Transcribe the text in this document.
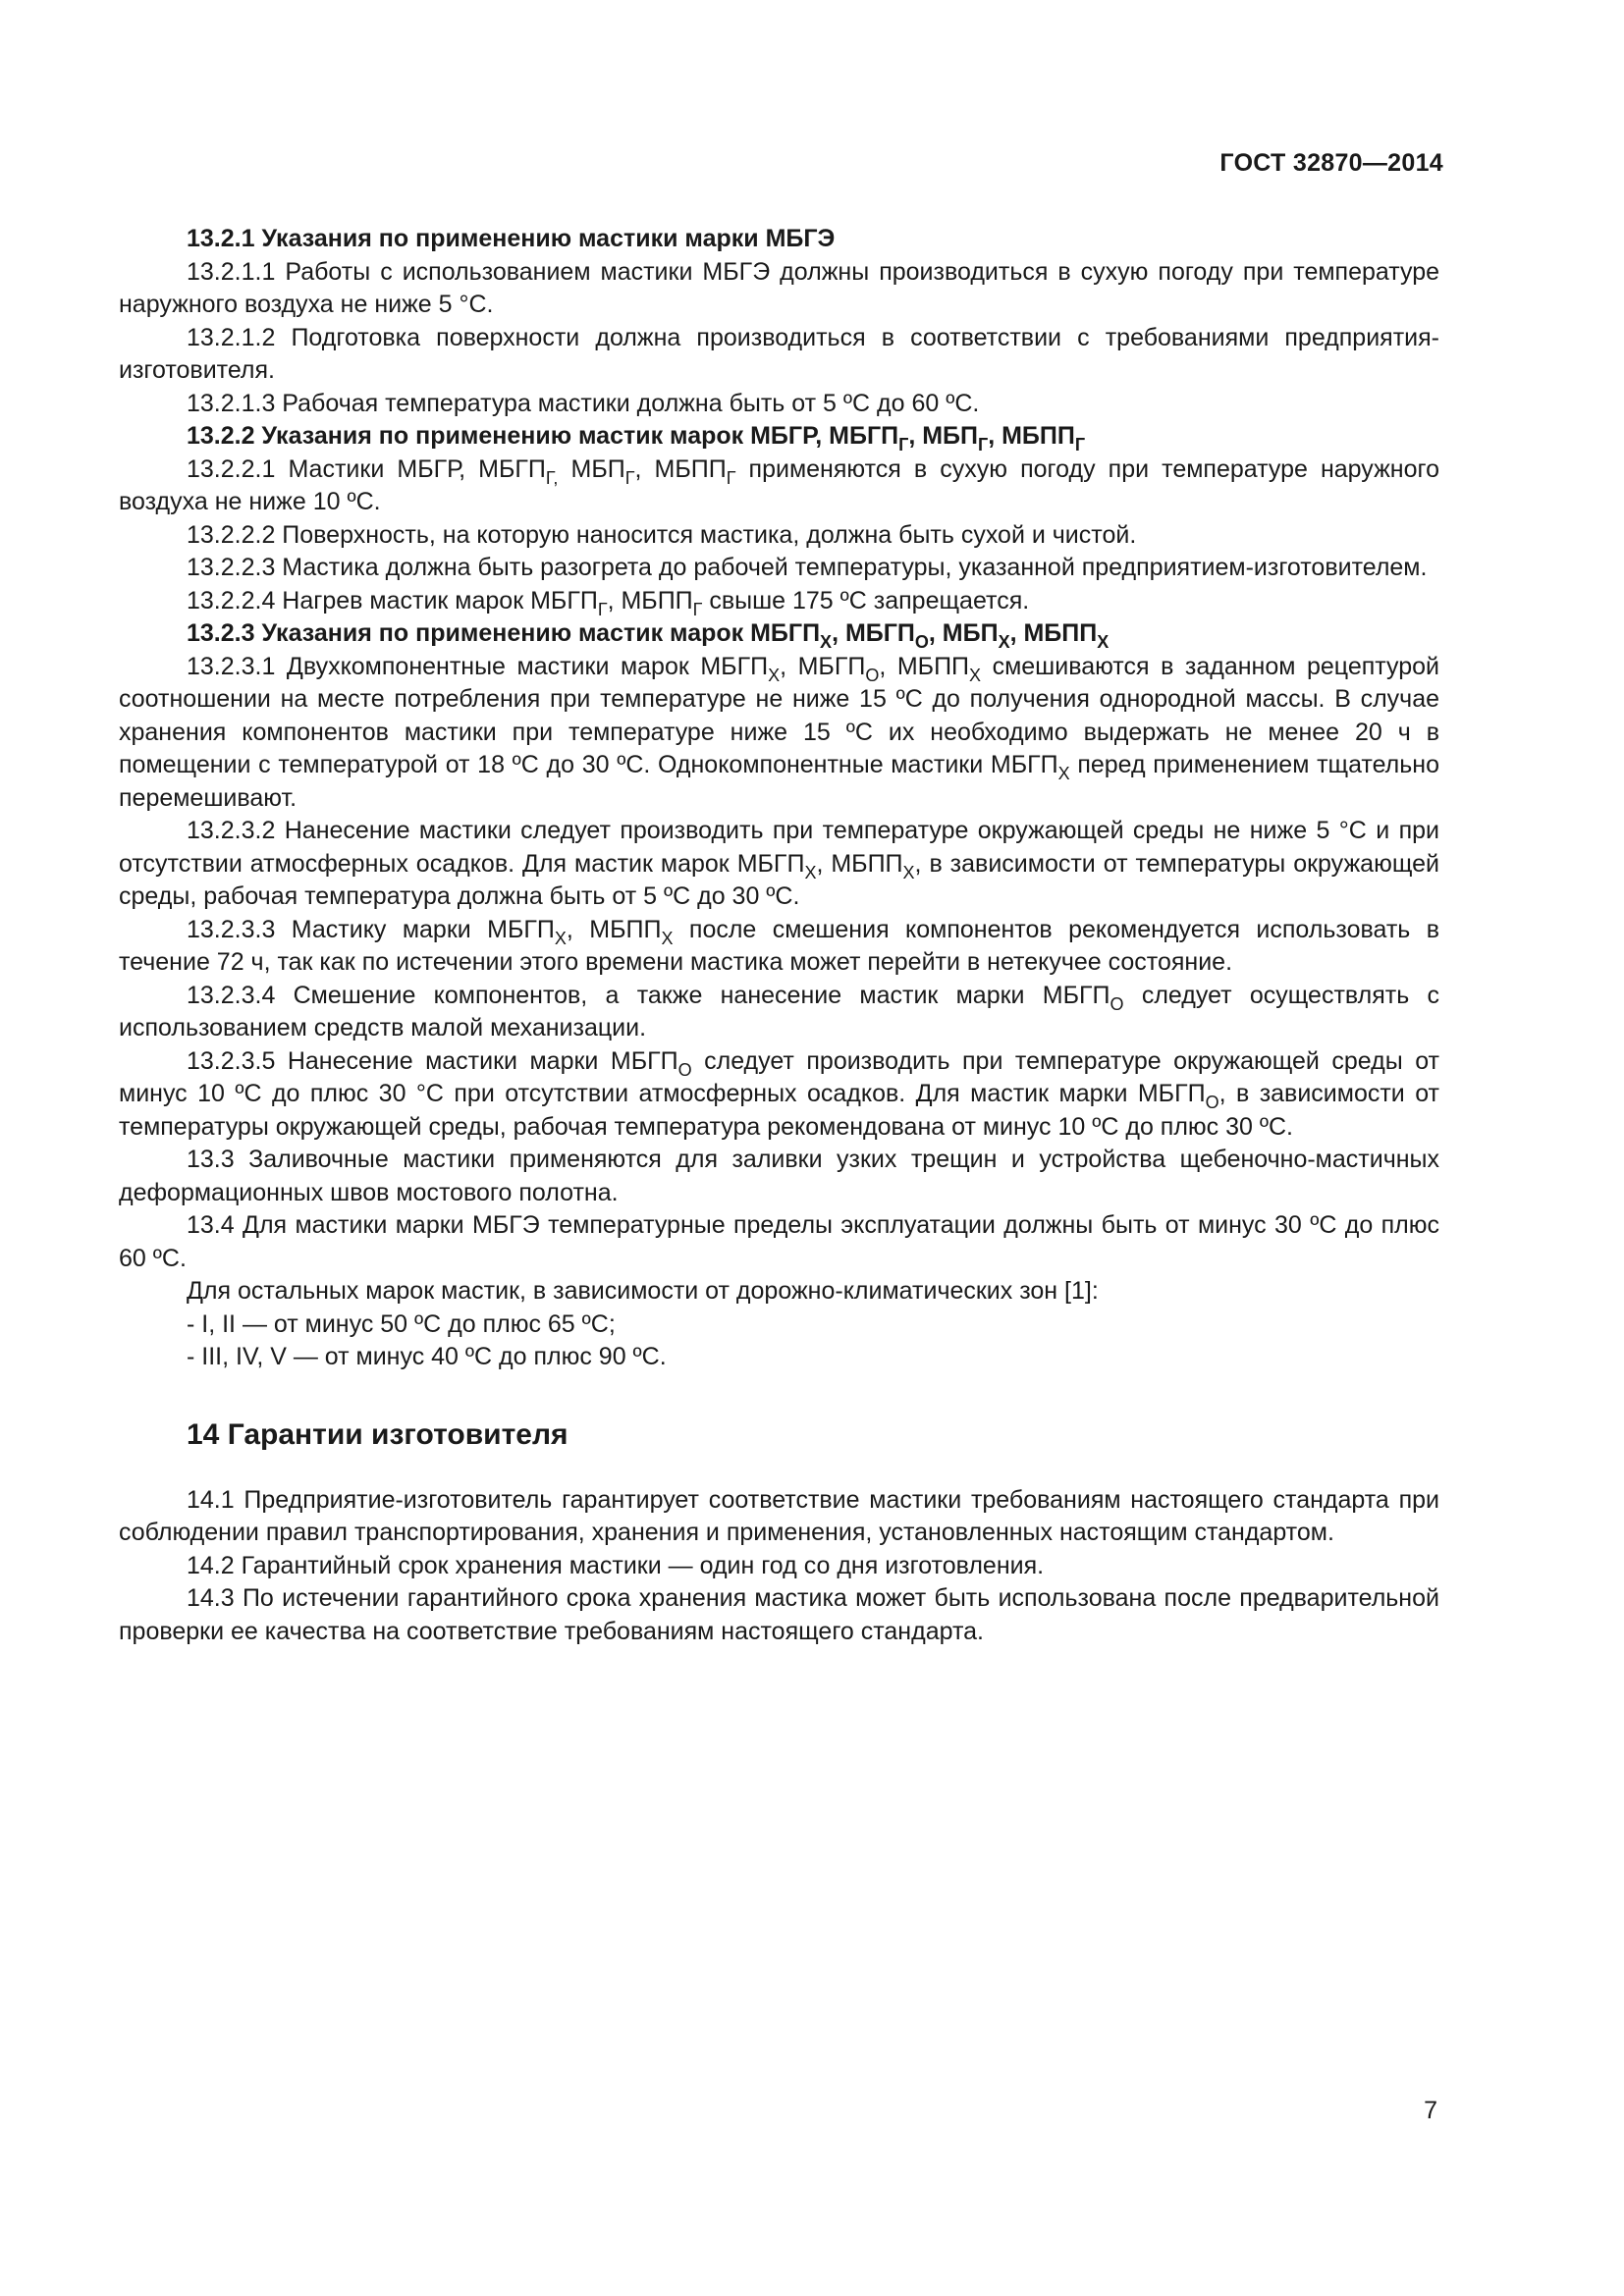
ГОСТ 32870—2014

13.2.1 Указания по применению мастики марки МБГЭ

13.2.1.1 Работы с использованием мастики МБГЭ должны производиться в сухую погоду при температуре наружного воздуха не ниже 5 °С.

13.2.1.2 Подготовка поверхности должна производиться в соответствии с требованиями предприятия-изготовителя.

13.2.1.3 Рабочая температура мастики должна быть от 5 ºС до 60 ºС.

13.2.2 Указания по применению мастик марок МБГР, $МБГП_Г$, $МБП_Г$, $МБПП_Г$

13.2.2.1 Мастики МБГР, $МБГП_{Г,}$ $МБП_Г$, $МБПП_Г$ применяются в сухую погоду при температуре наружного воздуха не ниже 10 ºС.

13.2.2.2 Поверхность, на которую наносится мастика, должна быть сухой и чистой.

13.2.2.3 Мастика должна быть разогрета до рабочей температуры, указанной предприятием-изготовителем.

13.2.2.4 Нагрев мастик марок $МБГП_Г$, $МБПП_Г$ свыше 175 ºС запрещается.

13.2.3 Указания по применению мастик марок $МБГП_Х$, $МБГП_О$, $МБП_Х$, $МБПП_Х$

13.2.3.1 Двухкомпонентные мастики марок $МБГП_Х$, $МБГП_О$, $МБПП_Х$ смешиваются в заданном рецептурой соотношении на месте потребления при температуре не ниже 15 ºС до получения однородной массы. В случае хранения компонентов мастики при температуре ниже 15 ºС их необходимо выдержать не менее 20 ч в помещении с температурой от 18 ºС до 30 ºС. Однокомпонентные мастики $МБГП_Х$ перед применением тщательно перемешивают.

13.2.3.2 Нанесение мастики следует производить при температуре окружающей среды не ниже 5 °С и при отсутствии атмосферных осадков. Для мастик марок $МБГП_Х$, $МБПП_Х$, в зависимости от температуры окружающей среды, рабочая температура должна быть от 5 ºС до 30 ºС.

13.2.3.3 Мастику марки $МБГП_Х$, $МБПП_Х$ после смешения компонентов рекомендуется использовать в течение 72 ч, так как по истечении этого времени мастика может перейти в нетекучее состояние.

13.2.3.4 Смешение компонентов, а также нанесение мастик марки $МБГП_О$ следует осуществлять с использованием средств малой механизации.

13.2.3.5 Нанесение мастики марки $МБГП_О$ следует производить при температуре окружающей среды от минус 10 ºС до плюс 30 °С при отсутствии атмосферных осадков. Для мастик марки $МБГП_О$, в зависимости от температуры окружающей среды, рабочая температура рекомендована от минус 10 ºС до плюс 30 ºС.

13.3 Заливочные мастики применяются для заливки узких трещин и устройства щебеночно-мастичных деформационных швов мостового полотна.

13.4 Для мастики марки МБГЭ температурные пределы эксплуатации должны быть от минус 30 ºС до плюс 60 ºС.

Для остальных марок мастик, в зависимости от дорожно-климатических зон [1]:

- I, II — от минус 50 ºС до плюс 65 ºС;

- III, IV, V — от минус 40 ºС до плюс 90 ºС.

14 Гарантии изготовителя

14.1 Предприятие-изготовитель гарантирует соответствие мастики требованиям настоящего стандарта при соблюдении правил транспортирования, хранения и применения, установленных настоящим стандартом.

14.2 Гарантийный срок хранения мастики — один год со дня изготовления.

14.3 По истечении гарантийного срока хранения мастика может быть использована после предварительной проверки ее качества на соответствие требованиям настоящего стандарта.

7
